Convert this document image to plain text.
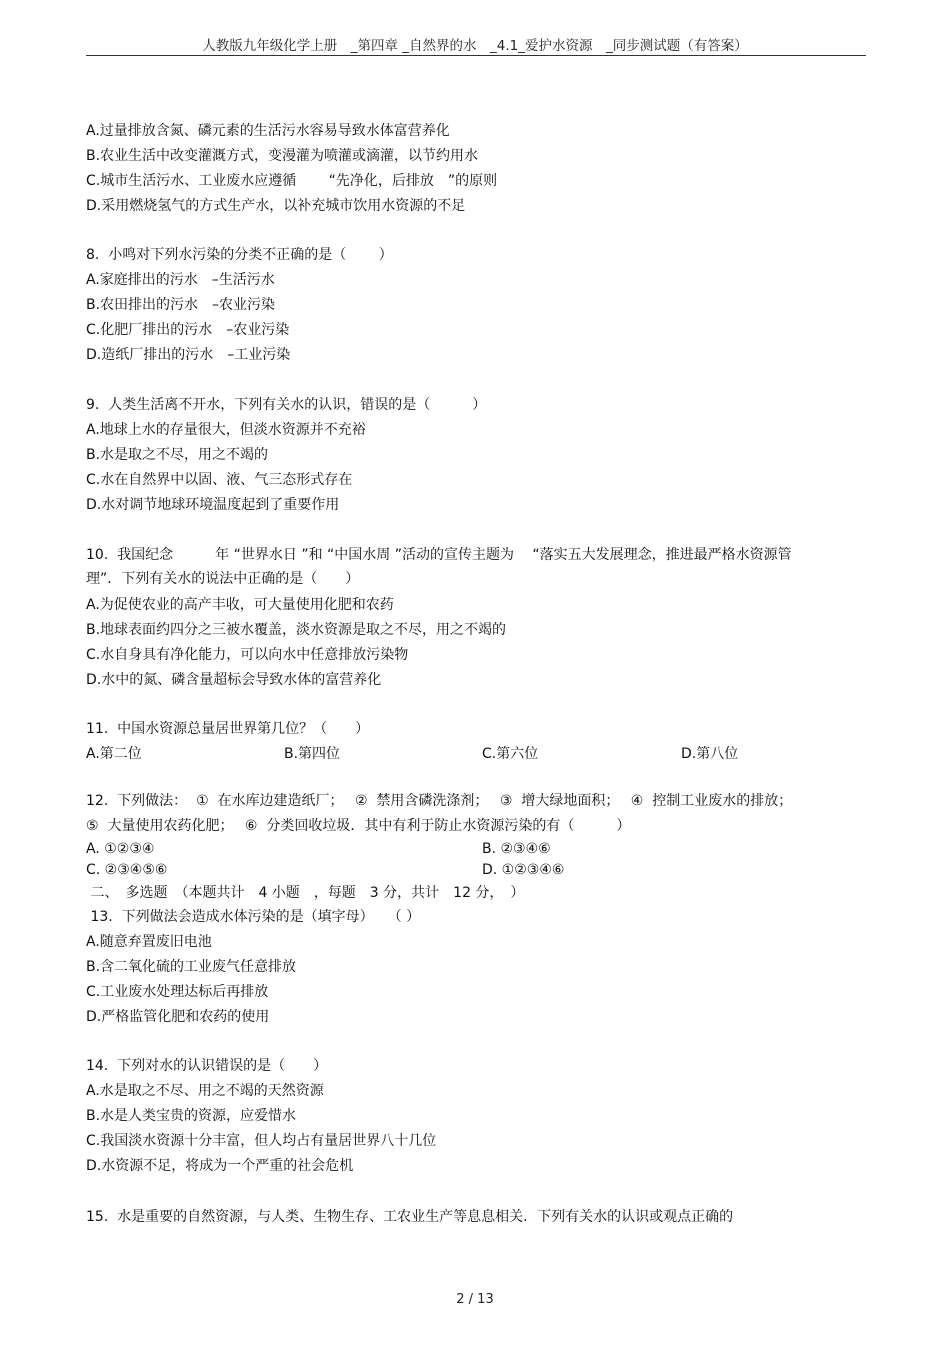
人教版九年级化学上册　_第四章 _自然界的水　_4.1_爱护水资源　_同步测试题（有答案）
A.过量排放含氮、磷元素的生活污水容易导致水体富营养化
B.农业生活中改变灌溉方式，变漫灌为喷灌或滴灌，以节约用水
C.城市生活污水、工业废水应遵循　　 “先净化，后排放　”的原则
D.采用燃烧氢气的方式生产水，以补充城市饮用水资源的不足
8.  小鸣对下列水污染的分类不正确的是（　　 ）
A.家庭排出的污水　–生活污水
B.农田排出的污水　–农业污染
C.化肥厂排出的污水　–农业污染
D.造纸厂排出的污水　–工业污染
9.  人类生活离不开水，下列有关水的认识，错误的是（　　　）
A.地球上水的存量很大，但淡水资源并不充裕
B.水是取之不尽，用之不竭的
C.水在自然界中以固、液、气三态形式存在
D.水对调节地球环境温度起到了重要作用
10.  我国纪念　　　年 “世界水日 ”和 “中国水周 ”活动的宣传主题为　 “落实五大发展理念，推进最严格水资源管
理”．下列有关水的说法中正确的是（　　）
A.为促使农业的高产丰收，可大量使用化肥和农药
B.地球表面约四分之三被水覆盖，淡水资源是取之不尽，用之不竭的
C.水自身具有净化能力，可以向水中任意排放污染物
D.水中的氮、磷含量超标会导致水体的富营养化
11.  中国水资源总量居世界第几位？（　　）
A.第二位	B.第四位	C.第六位	D.第八位
12.  下列做法：  ①  在水库边建造纸厂；　 ②  禁用含磷洗涤剂；　 ③  增大绿地面积；　 ④  控制工业废水的排放；
⑤  大量使用农药化肥；　 ⑥  分类回收垃圾．其中有利于防止水资源污染的有（　　　）
A. ①②③④	B. ②③④⑥
C. ②③④⑤⑥	D. ①②③④⑥
二、　多选题　（本题共计　4 小题　，每题　3 分，共计　12 分，　）
13.  下列做法会造成水体污染的是（填字母）　　（ ）
A.随意弃置废旧电池
B.含二氧化硫的工业废气任意排放
C.工业废水处理达标后再排放
D.严格监管化肥和农药的使用
14.  下列对水的认识错误的是（　　）
A.水是取之不尽、用之不竭的天然资源
B.水是人类宝贵的资源，应爱惜水
C.我国淡水资源十分丰富，但人均占有量居世界八十几位
D.水资源不足，将成为一个严重的社会危机
15.  水是重要的自然资源，与人类、生物生存、工农业生产等息息相关．下列有关水的认识或观点正确的
2 / 13
